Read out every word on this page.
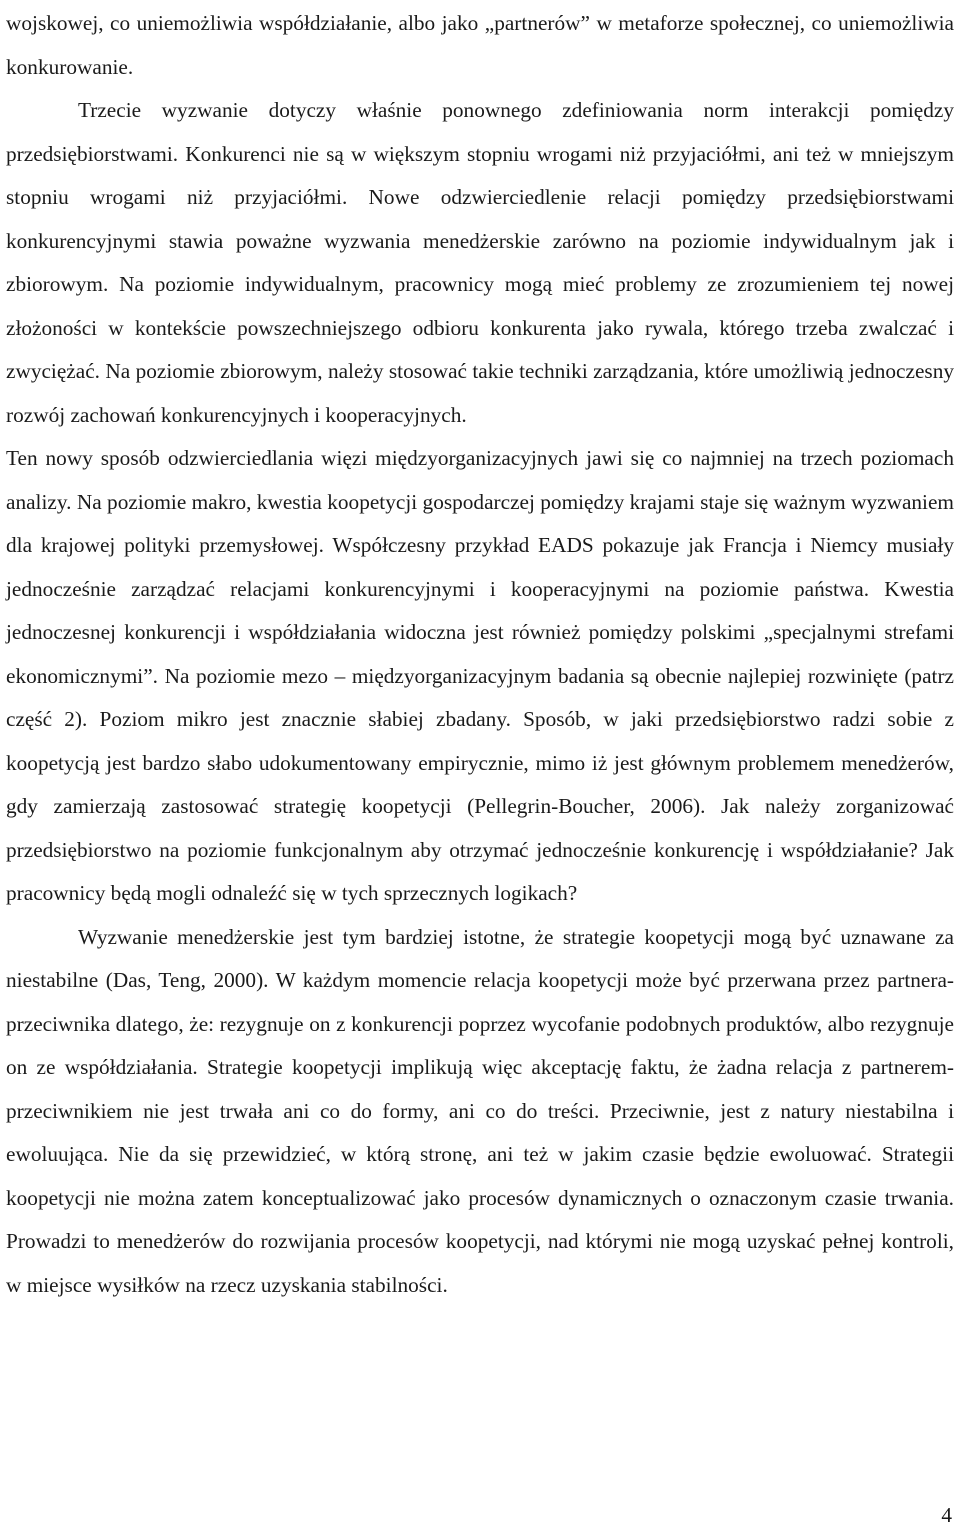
wojskowej, co uniemożliwia współdziałanie, albo jako „partnerów” w metaforze społecznej, co uniemożliwia konkurowanie.

Trzecie wyzwanie dotyczy właśnie ponownego zdefiniowania norm interakcji pomiędzy przedsiębiorstwami. Konkurenci nie są w większym stopniu wrogami niż przyjaciółmi, ani też w mniejszym stopniu wrogami niż przyjaciółmi. Nowe odzwierciedlenie relacji pomiędzy przedsiębiorstwami konkurencyjnymi stawia poważne wyzwania menedżerskie zarówno na poziomie indywidualnym jak i zbiorowym. Na poziomie indywidualnym, pracownicy mogą mieć problemy ze zrozumieniem tej nowej złożoności w kontekście powszechniejszego odbioru konkurenta jako rywala, którego trzeba zwalczać i zwyciężać. Na poziomie zbiorowym, należy stosować takie techniki zarządzania, które umożliwią jednoczesny rozwój zachowań konkurencyjnych i kooperacyjnych.

Ten nowy sposób odzwierciedlania więzi międzyorganizacyjnych jawi się co najmniej na trzech poziomach analizy. Na poziomie makro, kwestia koopetycji gospodarczej pomiędzy krajami staje się ważnym wyzwaniem dla krajowej polityki przemysłowej. Współczesny przykład EADS pokazuje jak Francja i Niemcy musiały jednocześnie zarządzać relacjami konkurencyjnymi i kooperacyjnymi na poziomie państwa. Kwestia jednoczesnej konkurencji i współdziałania widoczna jest również pomiędzy polskimi „specjalnymi strefami ekonomicznymi”. Na poziomie mezo – międzyorganizacyjnym badania są obecnie najlepiej rozwinięte (patrz część 2). Poziom mikro jest znacznie słabiej zbadany. Sposób, w jaki przedsiębiorstwo radzi sobie z koopetycją jest bardzo słabo udokumentowany empirycznie, mimo iż jest głównym problemem menedżerów, gdy zamierzają zastosować strategię koopetycji (Pellegrin-Boucher, 2006). Jak należy zorganizować przedsiębiorstwo na poziomie funkcjonalnym aby otrzymać jednocześnie konkurencję i współdziałanie? Jak pracownicy będą mogli odnaleźć się w tych sprzecznych logikach?

Wyzwanie menedżerskie jest tym bardziej istotne, że strategie koopetycji mogą być uznawane za niestabilne (Das, Teng, 2000). W każdym momencie relacja koopetycji może być przerwana przez partnera-przeciwnika dlatego, że: rezygnuje on z konkurencji poprzez wycofanie podobnych produktów, albo rezygnuje on ze współdziałania. Strategie koopetycji implikują więc akceptację faktu, że żadna relacja z partnerem-przeciwnikiem nie jest trwała ani co do formy, ani co do treści. Przeciwnie, jest z natury niestabilna i ewoluująca. Nie da się przewidzieć, w którą stronę, ani też w jakim czasie będzie ewoluować. Strategii koopetycji nie można zatem konceptualizować jako procesów dynamicznych o oznaczonym czasie trwania. Prowadzi to menedżerów do rozwijania procesów koopetycji, nad którymi nie mogą uzyskać pełnej kontroli, w miejsce wysiłków na rzecz uzyskania stabilności.

4
